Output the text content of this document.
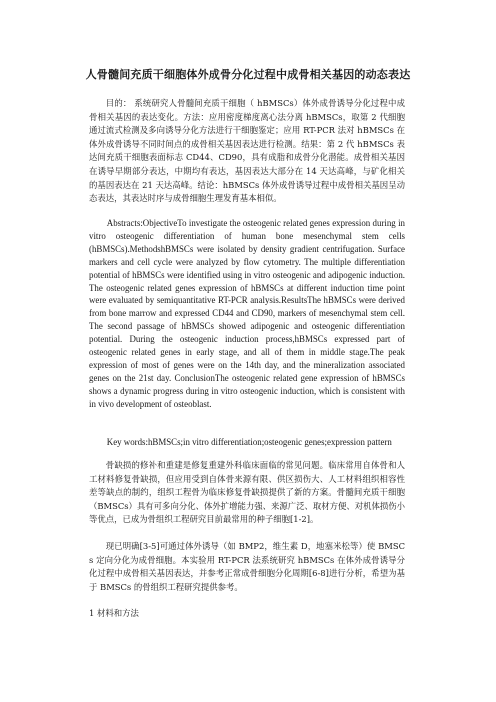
人骨髓间充质干细胞体外成骨分化过程中成骨相关基因的动态表达

目的： 系统研究人骨髓间充质干细胞（ hBMSCs）体外成骨诱导分化过程中成骨相关基因的表达变化。方法：应用密度梯度离心法分离 hBMSCs，取第 2 代细胞通过流式检测及多向诱导分化方法进行干细胞鉴定；应用 RT-PCR 法对 hBMSCs 在体外成骨诱导不同时间点的成骨相关基因表达进行检测。结果：第 2 代 hBMSCs 表达间充质干细胞表面标志 CD44、CD90，具有成脂和成骨分化潜能。成骨相关基因在诱导早期部分表达，中期均有表达，基因表达大部分在 14 天达高峰，与矿化相关的基因表达在 21 天达高峰。结论：hBMSCs 体外成骨诱导过程中成骨相关基因呈动态表达，其表达时序与成骨细胞生理发育基本相似。

Abstracts:ObjectiveTo investigate the osteogenic related genes expression during in vitro osteogenic differentiation of human bone mesenchymal stem cells (hBMSCs).MethodshBMSCs were isolated by density gradient centrifugation. Surface markers and cell cycle were analyzed by flow cytometry. The multiple differentiation potential of hBMSCs were identified using in vitro osteogenic and adipogenic induction. The osteogenic related genes expression of hBMSCs at different induction time point were evaluated by semiquantitative RT-PCR analysis.ResultsThe hBMSCs were derived from bone marrow and expressed CD44 and CD90, markers of mesenchymal stem cell. The second passage of hBMSCs showed adipogenic and osteogenic differentiation potential. During the osteogenic induction process,hBMSCs expressed part of osteogenic related genes in early stage, and all of them in middle stage.The peak expression of most of genes were on the 14th day, and the mineralization associated genes on the 21st day. ConclusionThe osteogenic related gene expression of hBMSCs shows a dynamic progress during in vitro osteogenic induction, which is consistent with in vivo development of osteoblast.

Key words:hBMSCs;in vitro differentiation;osteogenic genes;expression pattern

骨缺损的修补和重建是修复重建外科临床面临的常见问题。临床常用自体骨和人工材料修复骨缺损，但应用受到自体骨来源有限、供区损伤大、人工材料组织相容性差等缺点的制约，组织工程骨为临床修复骨缺损提供了新的方案。骨髓间充质干细胞（BMSCs）具有可多向分化、体外扩增能力强、来源广泛、取材方便、对机体损伤小等优点，已成为骨组织工程研究目前最常用的种子细胞[1-2]。

现已明确[3-5]可通过体外诱导（如 BMP2，维生素 D，地塞米松等）使 BMSCs 定向分化为成骨细胞。本实验用 RT-PCR 法系统研究 hBMSCs 在体外成骨诱导分化过程中成骨相关基因表达，并参考正常成骨细胞分化周期[6-8]进行分析，希望为基于 BMSCs 的骨组织工程研究提供参考。

1 材料和方法
